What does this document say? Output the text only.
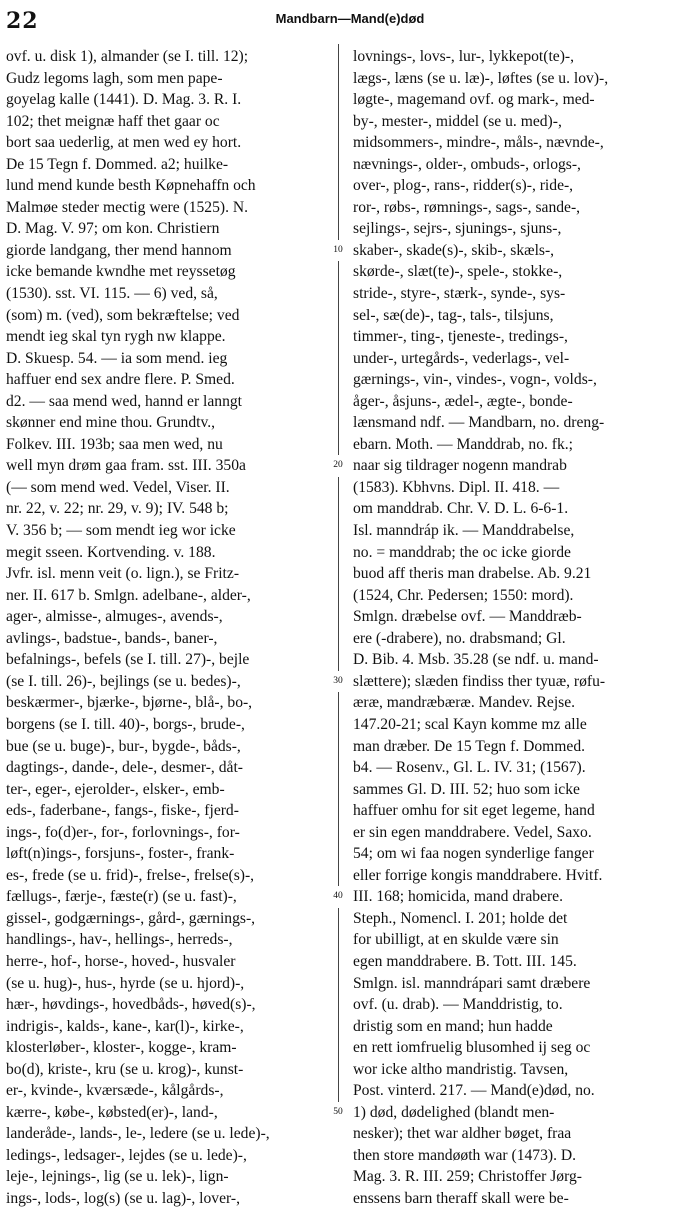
22	Mandbarn—Mand(e)død
ovf. u. disk 1), almander (se I. till. 12);
Gudz legoms lagh, som men pape-
goyelag kalle (1441). D. Mag. 3. R. I.
102; thet meignæ haff thet gaar oc
bort saa uederlig, at men wed ey hort.
De 15 Tegn f. Dommed. a2; huilke-
lund mend kunde besth Køpnehaffn och
Malmøe steder mectig were (1525). N.
D. Mag. V. 97; om kon. Christiern
giorde landgang, ther mend hannom
icke bemande kwndhe met reyssetøg
(1530). sst. VI. 115. — 6) ved, så,
(som) m. (ved), som bekræftelse; ved
mendt ieg skal tyn rygh nw klappe.
D. Skuesp. 54. — ia som mend. ieg
haffuer end sex andre flere. P. Smed.
d2. — saa mend wed, hannd er lanngt
skønner end mine thou. Grundtv.,
Folkev. III. 193b; saa men wed, nu
well myn drøm gaa fram. sst. III. 350a
(— som mend wed. Vedel, Viser. II.
nr. 22, v. 22; nr. 29, v. 9); IV. 548 b;
V. 356 b; — som mendt ieg wor icke
megit sseen. Kortvending. v. 188.
Jvfr. isl. menn veit (o. lign.), se Fritz-
ner. II. 617 b. Smlgn. adelbane-, alder-,
ager-, almisse-, almuges-, avends-,
avlings-, badstue-, bands-, baner-,
befalnings-, befels (se I. till. 27)-, bejle
(se I. till. 26)-, bejlings (se u. bedes)-,
beskærmer-, bjærke-, bjørne-, blå-, bo-,
borgens (se I. till. 40)-, borgs-, brude-,
bue (se u. buge)-, bur-, bygde-, båds-,
dagtings-, dande-, dele-, desmer-, dåt-
ter-, eger-, ejerolder-, elsker-, emb-
eds-, faderbane-, fangs-, fiske-, fjerd-
ings-, fo(d)er-, for-, forlovnings-, for-
løft(n)ings-, forsjuns-, foster-, frank-
es-, frede (se u. frid)-, frelse-, frelse(s)-,
fællugs-, færje-, fæste(r) (se u. fast)-,
gissel-, godgærnings-, gård-, gærnings-,
handlings-, hav-, hellings-, herreds-,
herre-, hof-, horse-, hoved-, husvaler
(se u. hug)-, hus-, hyrde (se u. hjord)-,
hær-, høvdings-, hovedbåds-, høved(s)-,
indrigis-, kalds-, kane-, kar(l)-, kirke-,
klosterløber-, kloster-, kogge-, kram-
bo(d), kriste-, kru (se u. krog)-, kunst-
er-, kvinde-, kværsæde-, kålgårds-,
kærre-, købe-, købsted(er)-, land-,
landeråde-, lands-, le-, ledere (se u. lede)-,
ledings-, ledsager-, lejdes (se u. lede)-,
leje-, lejnings-, lig (se u. lek)-, lign-
ings-, lods-, log(s) (se u. lag)-, lover-,
10
20
30
40
50
lovnings-, lovs-, lur-, lykkepot(te)-,
lægs-, læns (se u. læ)-, løftes (se u. lov)-,
løgte-, magemand ovf. og mark-, med-
by-, mester-, middel (se u. med)-,
midsommers-, mindre-, måls-, nævnde-,
nævnings-, older-, ombuds-, orlogs-,
over-, plog-, rans-, ridder(s)-, ride-,
ror-, røbs-, rømnings-, sags-, sande-,
sejlings-, sejrs-, sjunings-, sjuns-,
skaber-, skade(s)-, skib-, skæls-,
skørde-, slæt(te)-, spele-, stokke-,
stride-, styre-, stærk-, synde-, sys-
sel-, sæ(de)-, tag-, tals-, tilsjuns,
timmer-, ting-, tjeneste-, tredings-,
under-, urtegårds-, vederlags-, vel-
gærnings-, vin-, vindes-, vogn-, volds-,
åger-, åsjuns-, ædel-, ægte-, bonde-
lænsmand ndf. — Mandbarn, no. dreng-
ebarn. Moth. — Manddrab, no. fk.;
naar sig tildrager nogenn mandrab
(1583). Kbhvns. Dipl. II. 418. —
om manddrab. Chr. V. D. L. 6-6-1.
Isl. manndráp ik. — Manddrabelse,
no. = manddrab; the oc icke giorde
buod aff theris man drabelse. Ab. 9.21
(1524, Chr. Pedersen; 1550: mord).
Smlgn. dræbelse ovf. — Manddræb-
ere (-drabere), no. drabsmand; Gl.
D. Bib. 4. Msb. 35.28 (se ndf. u. mand-
slættere); slæden findiss ther tyuæ, røfu-
æræ, mandræbæræ. Mandev. Rejse.
147.20-21; scal Kayn komme mz alle
man dræber. De 15 Tegn f. Dommed.
b4. — Rosenv., Gl. L. IV. 31; (1567).
sammes Gl. D. III. 52; huo som icke
haffuer omhu for sit eget legeme, hand
er sin egen manddrabere. Vedel, Saxo.
54; om wi faa nogen synderlige fanger
eller forrige kongis manddrabere. Hvitf.
III. 168; homicida, mand drabere.
Steph., Nomencl. I. 201; holde det
for ubilligt, at en skulde være sin
egen manddrabere. B. Tott. III. 145.
Smlgn. isl. manndrápari samt dræbere
ovf. (u. drab). — Manddristig, to.
dristig som en mand; hun hadde
en rett iomfruelig blusomhed ij seg oc
wor icke altho mandristig. Tavsen,
Post. vinterd. 217. — Mand(e)død, no.
1) død, dødelighed (blandt men-
nesker); thet war aldher bøget, fraa
then store mandøøth war (1473). D.
Mag. 3. R. III. 259; Christoffer Jørg-
enssens barn theraff skall were be-
